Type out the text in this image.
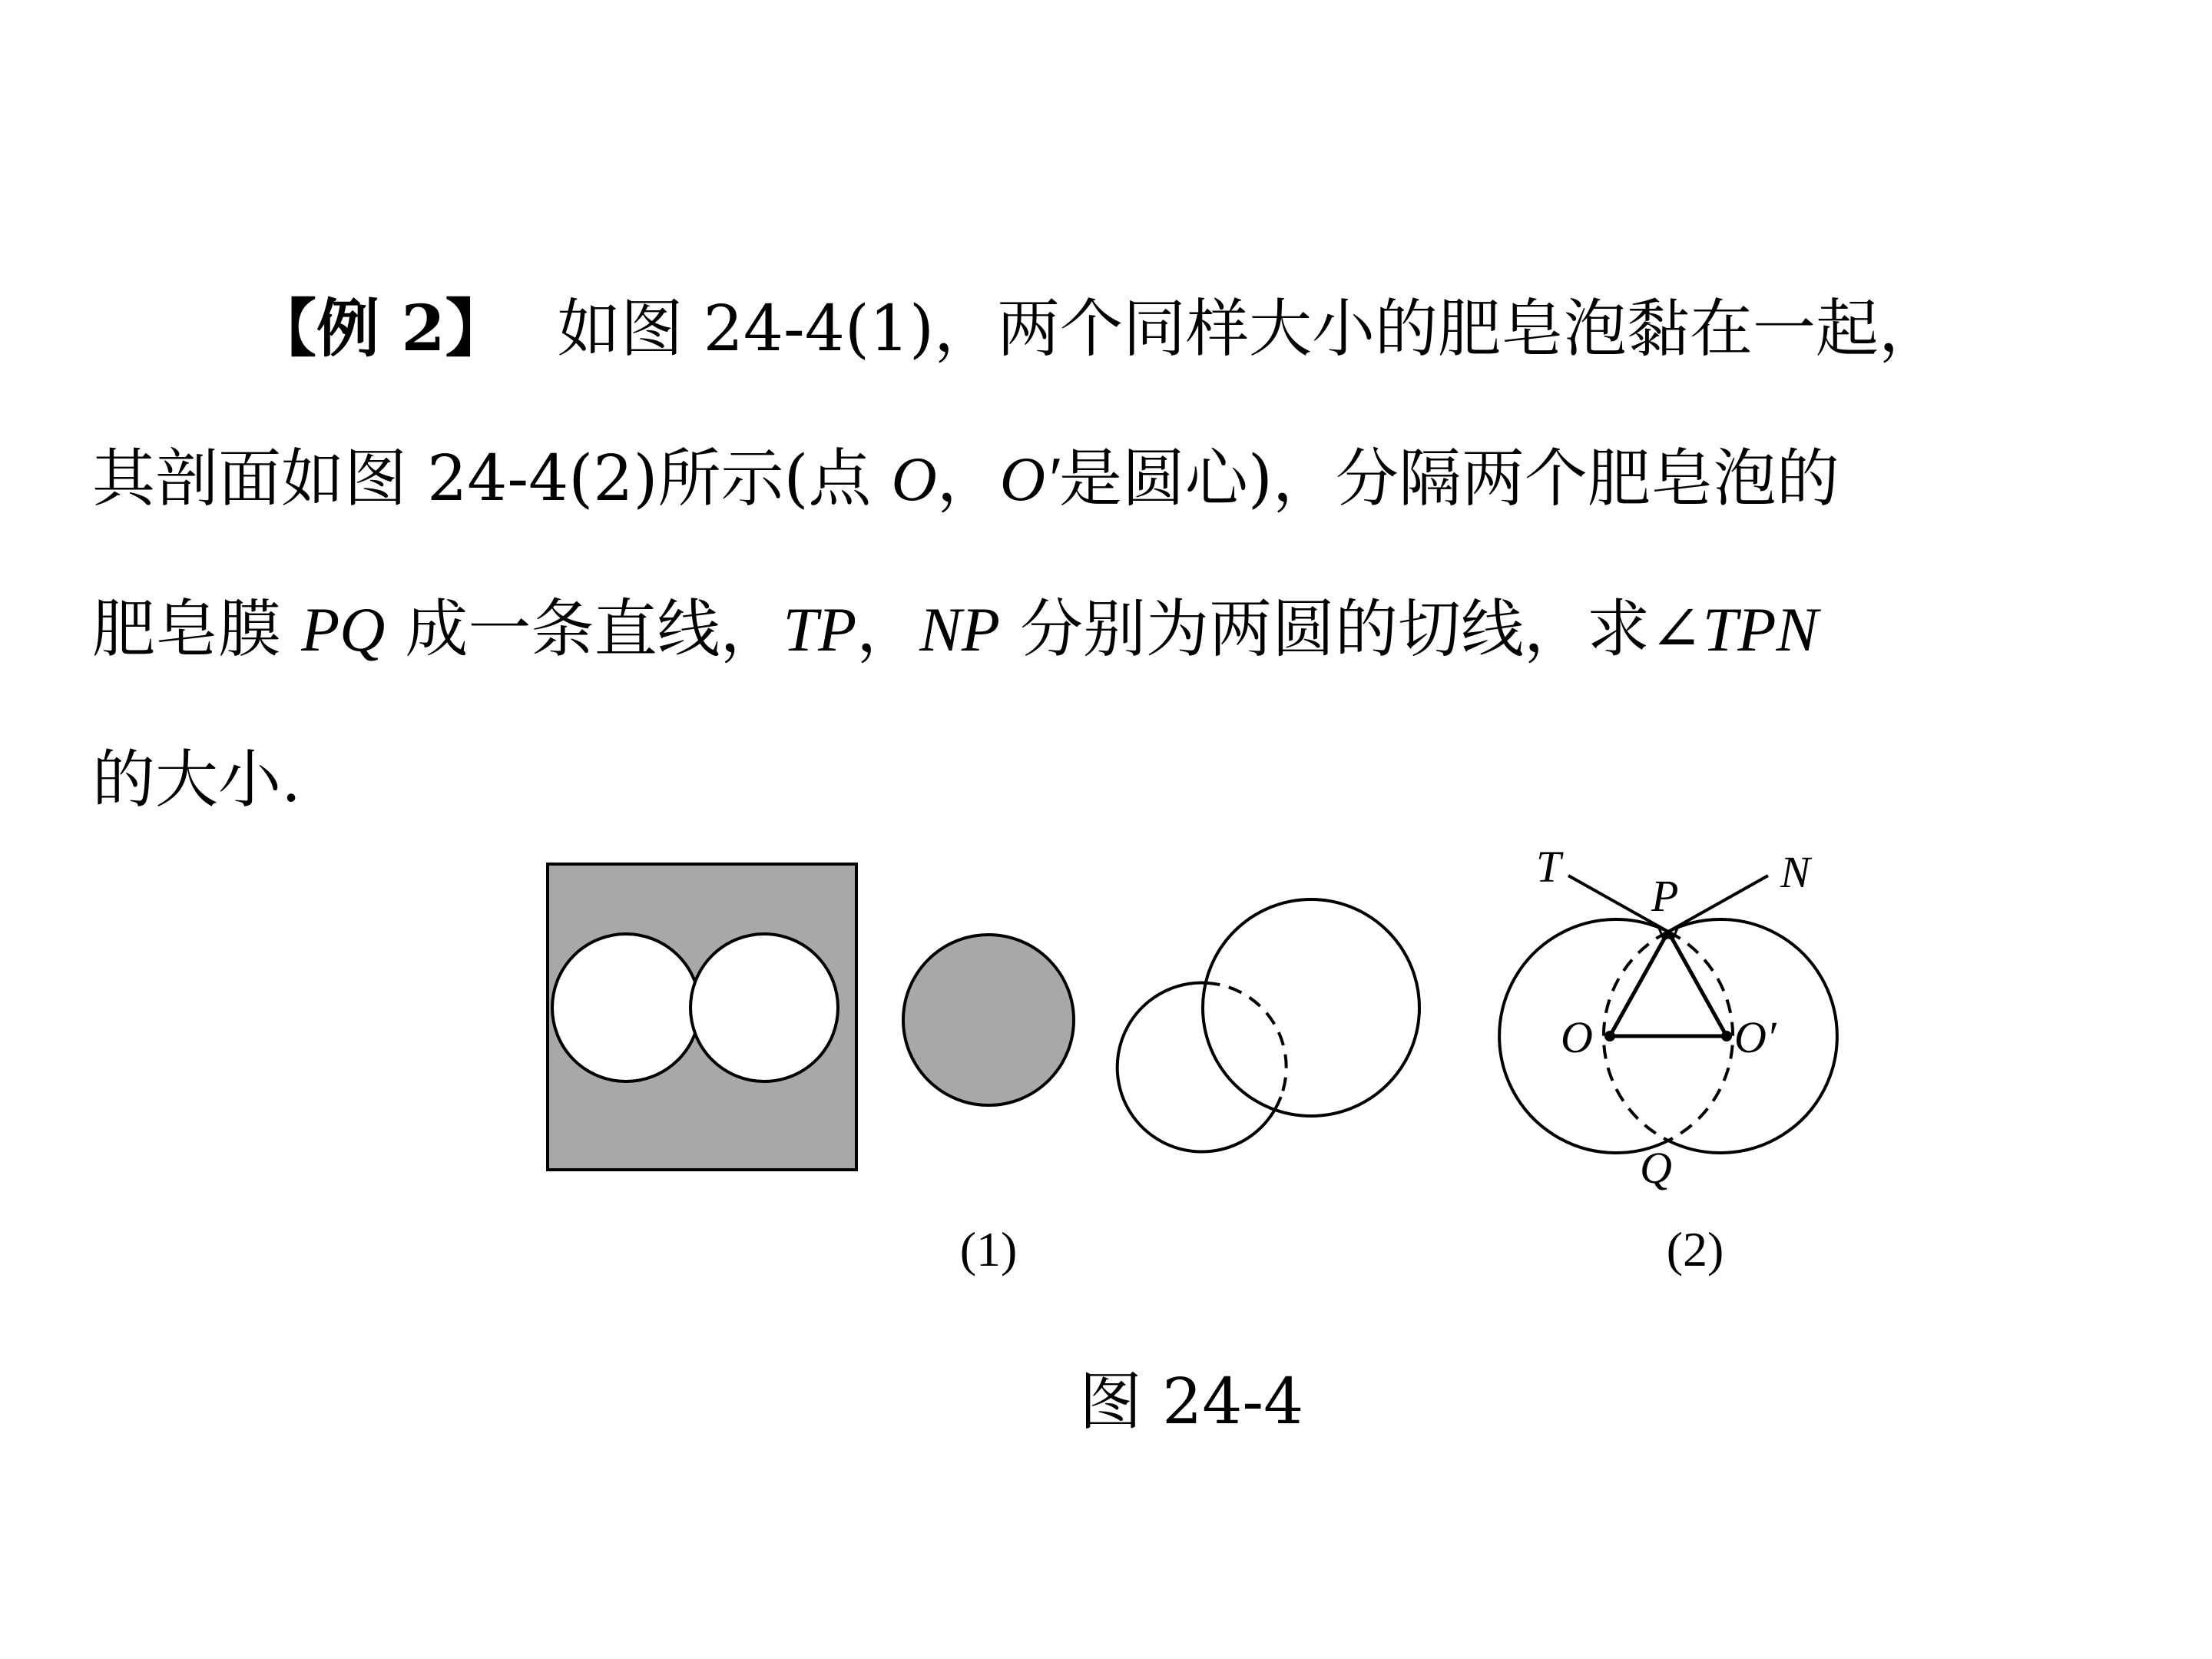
【例 2】 如图 24-4(1)，两个同样大小的肥皂泡黏在一起，
其剖面如图 24-4(2)所示(点 O，O′是圆心)，分隔两个肥皂泡的
肥皂膜 PQ 成一条直线，TP，NP 分别为两圆的切线，求∠TPN
的大小.
(1)
T	N
P
O	O′
Q
(2)
图 24-4
